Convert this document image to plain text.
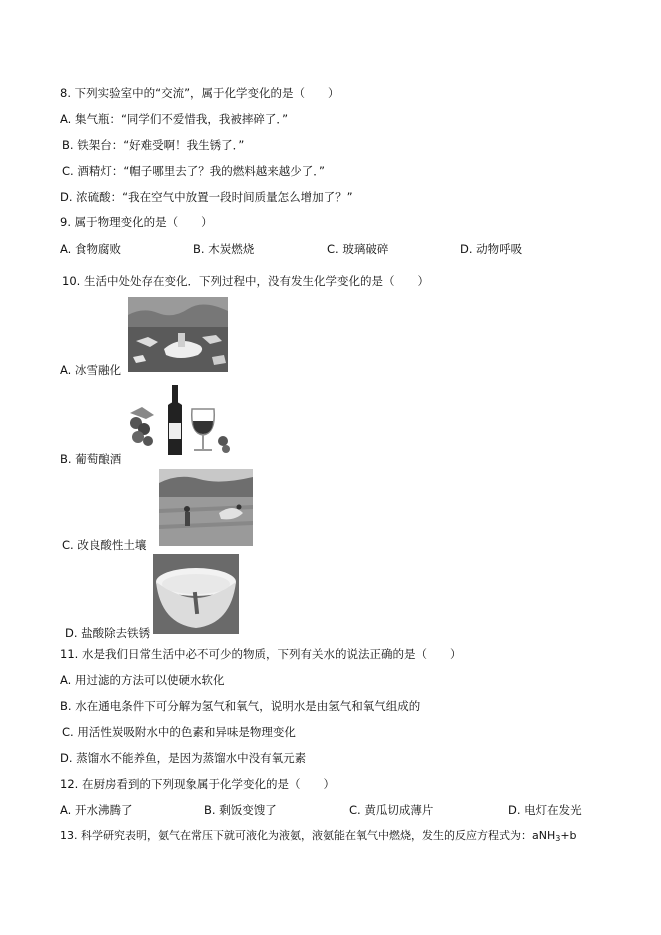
8. 下列实验室中的“交流”，属于化学变化的是（　　）
A. 集气瓶：“同学们不爱惜我，我被摔碎了．”
B. 铁架台：“好难受啊！我生锈了．”
C. 酒精灯：“帽子哪里去了？我的燃料越来越少了．”
D. 浓硫酸：“我在空气中放置一段时间质量怎么增加了？”
9. 属于物理变化的是（　　）
A. 食物腐败	B. 木炭燃烧	C. 玻璃破碎	D. 动物呼吸
10. 生活中处处存在变化．下列过程中，没有发生化学变化的是（　　）
A. 冰雪融化
B. 葡萄酿酒
C. 改良酸性土壤
D. 盐酸除去铁锈
11. 水是我们日常生活中必不可少的物质，下列有关水的说法正确的是（　　）
A. 用过滤的方法可以使硬水软化
B. 水在通电条件下可分解为氢气和氧气，说明水是由氢气和氧气组成的
C. 用活性炭吸附水中的色素和异味是物理变化
D. 蒸馏水不能养鱼，是因为蒸馏水中没有氧元素
12. 在厨房看到的下列现象属于化学变化的是（　　）
A. 开水沸腾了	B. 剩饭变馊了	C. 黄瓜切成薄片	D. 电灯在发光
13. 科学研究表明，氨气在常压下就可液化为液氨，液氨能在氧气中燃烧，发生的反应方程式为：aNH$_3$+b
